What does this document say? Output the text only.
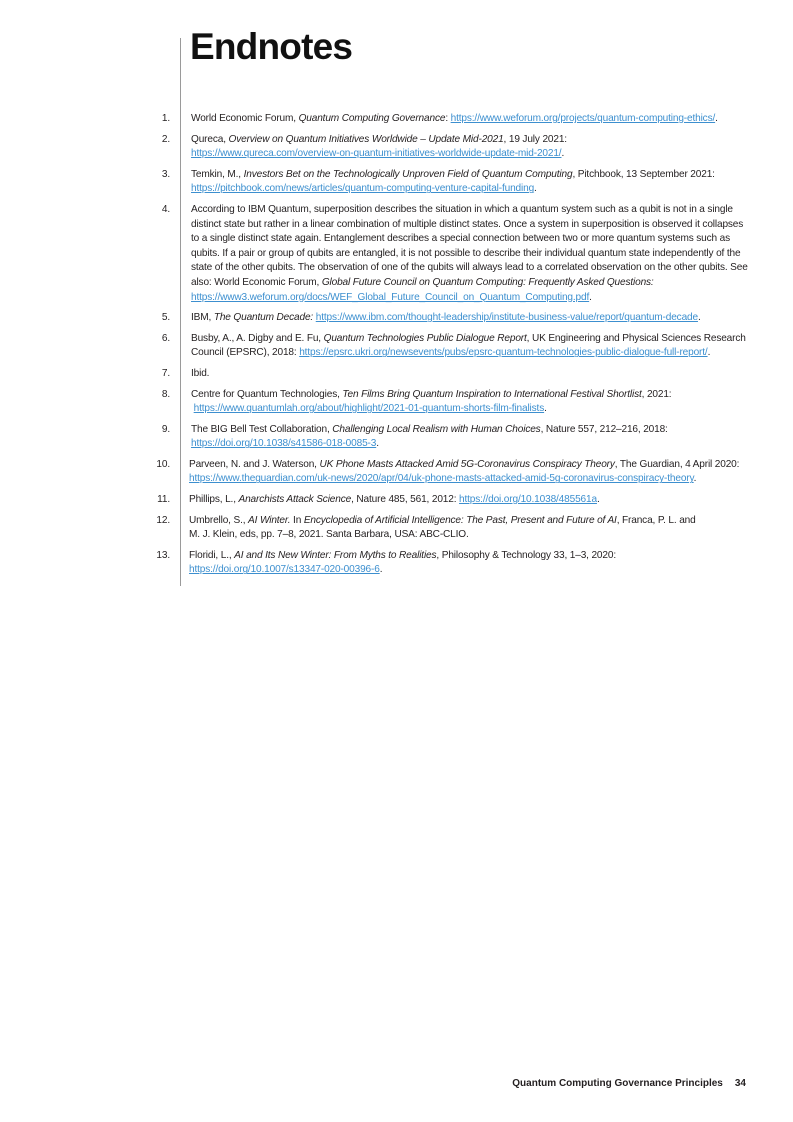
Endnotes
1. World Economic Forum, Quantum Computing Governance: https://www.weforum.org/projects/quantum-computing-ethics/.
2. Qureca, Overview on Quantum Initiatives Worldwide – Update Mid-2021, 19 July 2021:
https://www.qureca.com/overview-on-quantum-initiatives-worldwide-update-mid-2021/.
3. Temkin, M., Investors Bet on the Technologically Unproven Field of Quantum Computing, Pitchbook, 13 September 2021:
https://pitchbook.com/news/articles/quantum-computing-venture-capital-funding.
4. According to IBM Quantum, superposition describes the situation in which a quantum system such as a qubit is not in a single distinct state but rather in a linear combination of multiple distinct states. Once a system in superposition is observed it collapses to a single distinct state again. Entanglement describes a special connection between two or more quantum systems such as qubits. If a pair or group of qubits are entangled, it is not possible to describe their individual quantum state independently of the state of the other qubits. The observation of one of the qubits will always lead to a correlated observation on the other qubits. See also: World Economic Forum, Global Future Council on Quantum Computing: Frequently Asked Questions: https://www3.weforum.org/docs/WEF_Global_Future_Council_on_Quantum_Computing.pdf.
5. IBM, The Quantum Decade: https://www.ibm.com/thought-leadership/institute-business-value/report/quantum-decade.
6. Busby, A., A. Digby and E. Fu, Quantum Technologies Public Dialogue Report, UK Engineering and Physical Sciences Research Council (EPSRC), 2018: https://epsrc.ukri.org/newsevents/pubs/epsrc-quantum-technologies-public-dialogue-full-report/.
7. Ibid.
8. Centre for Quantum Technologies, Ten Films Bring Quantum Inspiration to International Festival Shortlist, 2021:
https://www.quantumlah.org/about/highlight/2021-01-quantum-shorts-film-finalists.
9. The BIG Bell Test Collaboration, Challenging Local Realism with Human Choices, Nature 557, 212–216, 2018:
https://doi.org/10.1038/s41586-018-0085-3.
10. Parveen, N. and J. Waterson, UK Phone Masts Attacked Amid 5G-Coronavirus Conspiracy Theory, The Guardian, 4 April 2020: https://www.theguardian.com/uk-news/2020/apr/04/uk-phone-masts-attacked-amid-5g-coronavirus-conspiracy-theory.
11. Phillips, L., Anarchists Attack Science, Nature 485, 561, 2012: https://doi.org/10.1038/485561a.
12. Umbrello, S., AI Winter. In Encyclopedia of Artificial Intelligence: The Past, Present and Future of AI, Franca, P. L. and M. J. Klein, eds, pp. 7–8, 2021. Santa Barbara, USA: ABC-CLIO.
13. Floridi, L., AI and Its New Winter: From Myths to Realities, Philosophy & Technology 33, 1–3, 2020:
https://doi.org/10.1007/s13347-020-00396-6.
Quantum Computing Governance Principles 34
